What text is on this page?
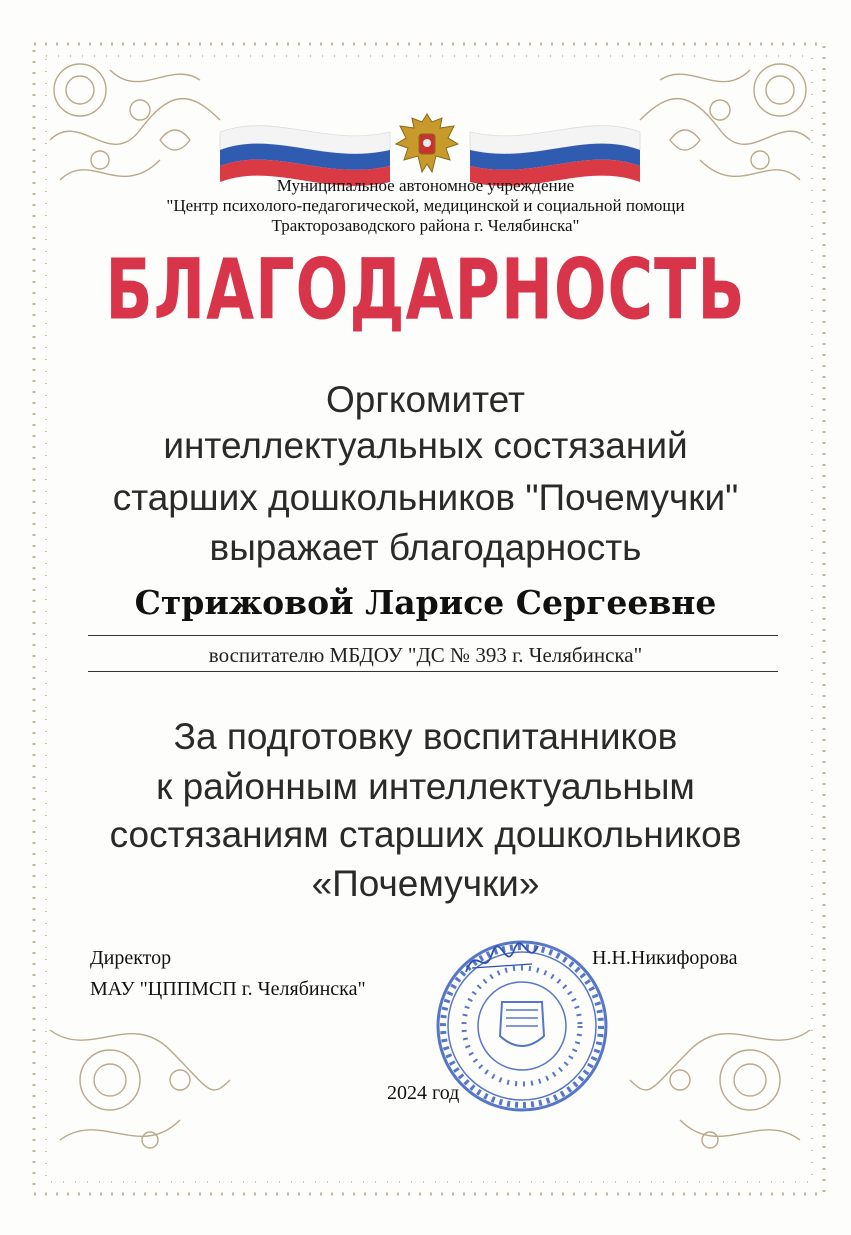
Муниципальное автономное учреждение
"Центр психолого-педагогической, медицинской и социальной помощи
Тракторозаводского района г. Челябинска"
БЛАГОДАРНОСТЬ
Оргкомитет
интеллектуальных состязаний
старших дошкольников "Почемучки"
выражает благодарность
Стрижовой Ларисе Сергеевне
воспитателю МБДОУ "ДС № 393 г. Челябинска"
За подготовку воспитанников
к районным интеллектуальным
состязаниям старших дошкольников
«Почемучки»
Директор
МАУ "ЦППМСП г. Челябинска"
Н.Н.Никифорова
2024 год
